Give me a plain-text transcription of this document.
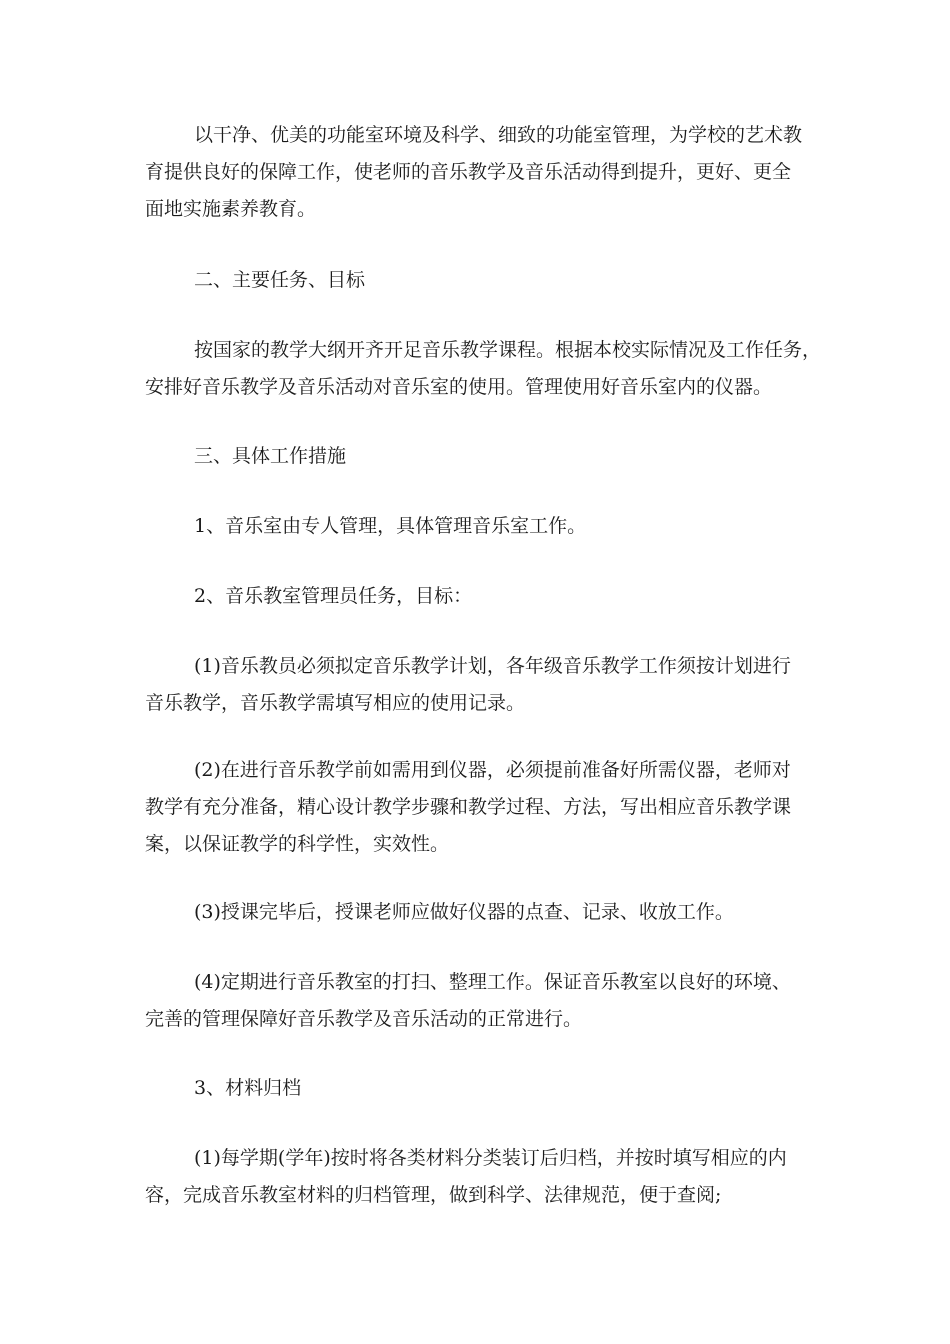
以干净、优美的功能室环境及科学、细致的功能室管理，为学校的艺术教
育提供良好的保障工作，使老师的音乐教学及音乐活动得到提升，更好、更全
面地实施素养教育。
二、主要任务、目标
按国家的教学大纲开齐开足音乐教学课程。根据本校实际情况及工作任务，
安排好音乐教学及音乐活动对音乐室的使用。管理使用好音乐室内的仪器。
三、具体工作措施
1、音乐室由专人管理，具体管理音乐室工作。
2、音乐教室管理员任务，目标：
(1)音乐教员必须拟定音乐教学计划，各年级音乐教学工作须按计划进行
音乐教学，音乐教学需填写相应的使用记录。
(2)在进行音乐教学前如需用到仪器，必须提前准备好所需仪器，老师对
教学有充分准备，精心设计教学步骤和教学过程、方法，写出相应音乐教学课
案，以保证教学的科学性，实效性。
(3)授课完毕后，授课老师应做好仪器的点查、记录、收放工作。
(4)定期进行音乐教室的打扫、整理工作。保证音乐教室以良好的环境、
完善的管理保障好音乐教学及音乐活动的正常进行。
3、材料归档
(1)每学期(学年)按时将各类材料分类装订后归档，并按时填写相应的内
容，完成音乐教室材料的归档管理，做到科学、法律规范，便于查阅;
